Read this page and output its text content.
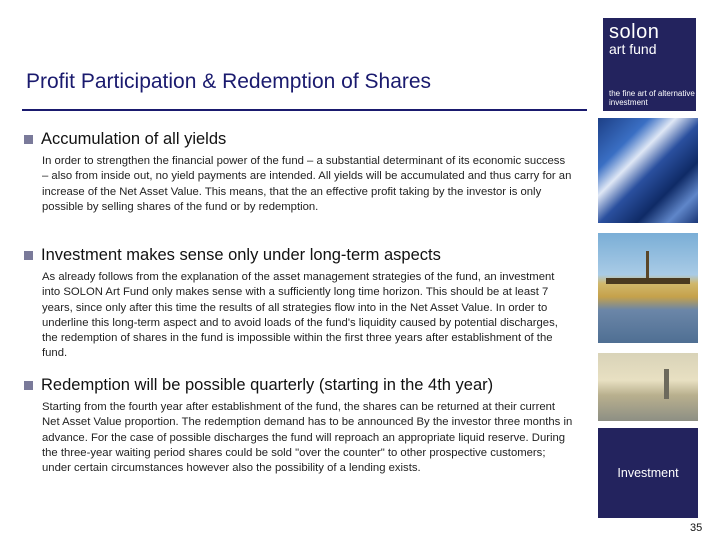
Profit Participation & Redemption of Shares
solon
art fund
the fine art of alternative investment
Accumulation of all yields
In order to strengthen the financial power of the fund – a substantial determinant of its economic success – also from inside out, no yield payments are intended. All yields will be accumulated and thus carry for an increase of the Net Asset Value. This means, that the an effective profit taking by the investor is only possible by selling shares of the fund or by redemption.
Investment makes sense only under long-term aspects
As already follows from the explanation of the asset management strategies of the fund, an investment into SOLON Art Fund only makes sense with a sufficiently long time horizon. This should be at least 7 years, since only after this time the results of all strategies flow into in the Net Asset Value. In order to underline this long-term aspect and to avoid loads of the fund's liquidity caused by potential discharges, the redemption of shares in the fund is impossible within the first three years after establishment of the fund.
Redemption will be possible quarterly (starting in the 4th year)
Starting from the fourth year after establishment of the fund, the shares can be returned at their current Net Asset Value proportion. The redemption demand has to be announced By the investor three months in advance. For the case of possible discharges the fund will reproach an appropriate liquid reserve. During the three-year waiting period shares could be sold "over the counter" to other prospective customers; under certain circumstances however also the possibility of a lending exists.	Investment
35
